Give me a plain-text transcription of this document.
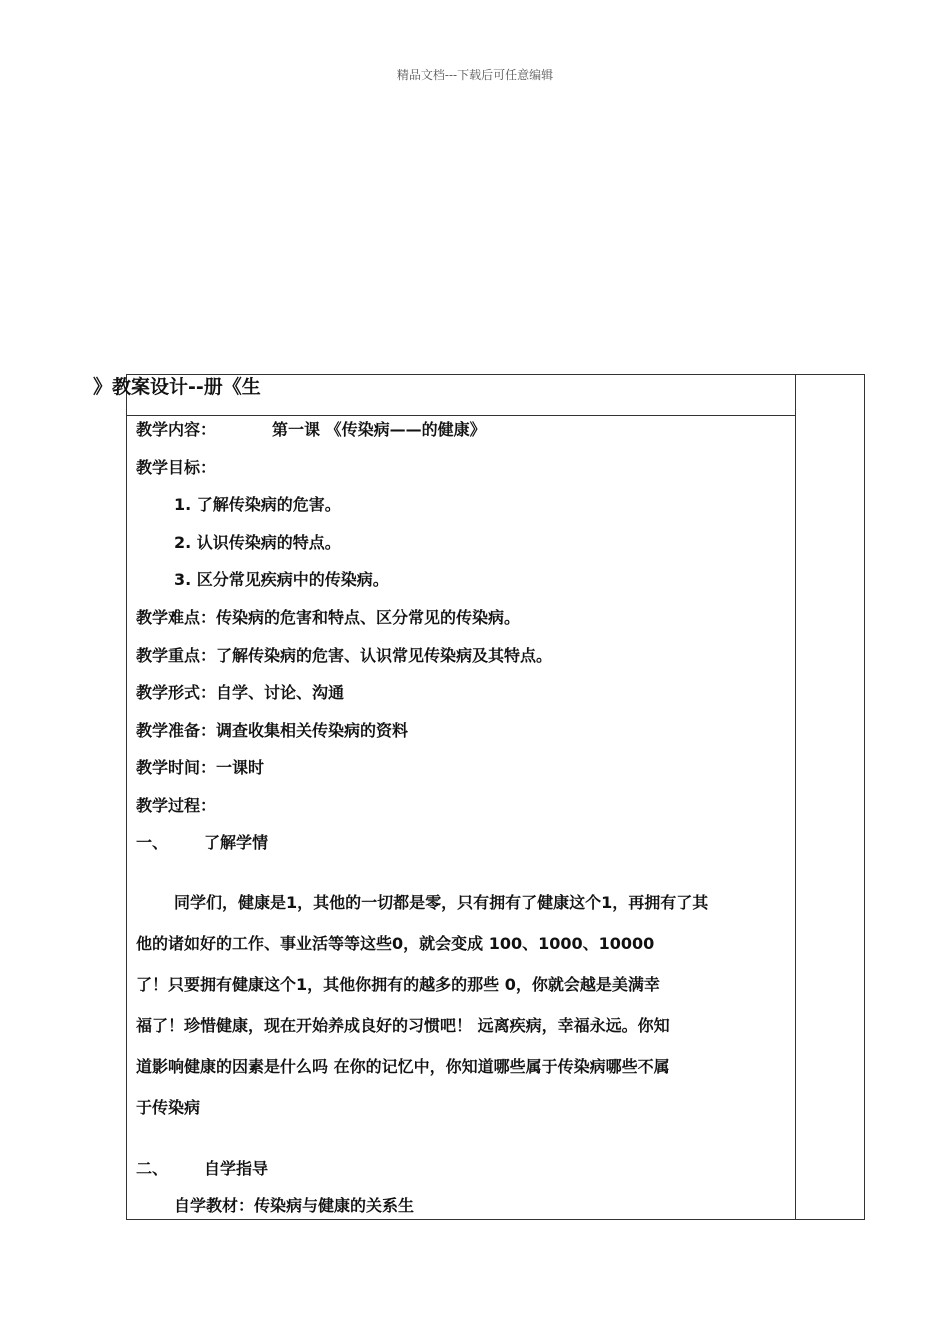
精品文档---下载后可任意编辑
》教案设计--册《生
教学内容：	第一课 《传染病——的健康》
教学目标：
1. 了解传染病的危害。
2. 认识传染病的特点。
3. 区分常见疾病中的传染病。
教学难点：传染病的危害和特点、区分常见的传染病。
教学重点：了解传染病的危害、认识常见传染病及其特点。
教学形式：自学、讨论、沟通
教学准备：调查收集相关传染病的资料
教学时间：一课时
教学过程：
一、 了解学情
同学们，健康是1，其他的一切都是零，只有拥有了健康这个1，再拥有了其
他的诸如好的工作、事业活等等这些0，就会变成 100、1000、10000
了！只要拥有健康这个1，其他你拥有的越多的那些 0，你就会越是美满幸
福了！珍惜健康，现在开始养成良好的习惯吧！ 远离疾病，幸福永远。你知
道影响健康的因素是什么吗 在你的记忆中，你知道哪些属于传染病哪些不属
于传染病
二、 自学指导
自学教材：传染病与健康的关系生
